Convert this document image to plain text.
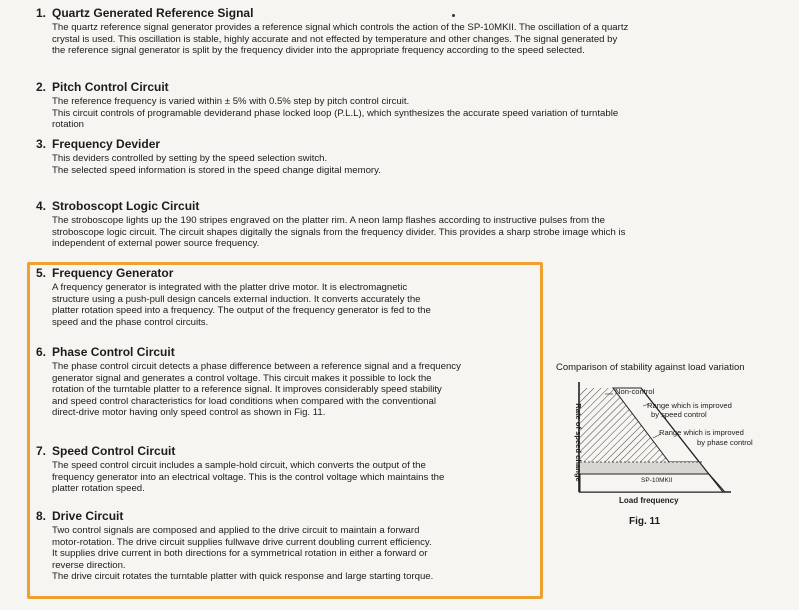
1. Quartz Generated Reference Signal

The quartz reference signal generator provides a reference signal which controls the action of the SP-10MKII. The oscillation of a quartz

crystal is used. This oscillation is stable, highly accurate and not effected by temperature and other changes. The signal generated by

the reference signal generator is split by the frequency divider into the appropriate frequency according to the speed selected.

2. Pitch Control Circuit

The reference frequency is varied within ± 5% with 0.5% step by pitch control circuit.

This circuit controls of programable deviderand phase locked loop (P.L.L), which synthesizes the accurate speed variation of turntable

rotation

3. Frequency Devider

This deviders controlled by setting by the speed selection switch.

The selected speed information is stored in the speed change digital memory.

4. Stroboscopt Logic Circuit

The stroboscope lights up the 190 stripes engraved on the platter rim. A neon lamp flashes according to instructive pulses from the

stroboscope logic circuit. The circuit shapes digitally the signals from the frequency divider. This provides a sharp strobe image which is

independent of external power source frequency.

5. Frequency Generator

A frequency generator is integrated with the platter drive motor. It is electromagnetic

structure using a push-pull design cancels external induction. It converts accurately the

platter rotation speed into a frequency. The output of the frequency generator is fed to the

speed and the phase control circuits.

6. Phase Control Circuit

The phase control circuit detects a phase difference between a reference signal and a frequency

generator signal and generates a control voltage. This circuit makes it possible to lock the

rotation of the turntable platter to a reference signal. It improves considerably speed stability

and speed control characteristics for load conditions when compared with the conventional

direct-drive motor having only speed control as shown in Fig. 11.

7. Speed Control Circuit

The speed control circuit includes a sample-hold circuit, which converts the output of the

frequency generator into an electrical voltage. This is the control voltage which maintains the

platter rotation speed.

8. Drive Circuit

Two control signals are composed and applied to the drive circuit to maintain a forward

motor-rotation. The drive circuit supplies fullwave drive current doubling current efficiency.

It supplies drive current in both directions for a symmetrical rotation in either a forward or

reverse direction.

The drive circuit rotates the turntable platter with quick response and large starting torque.

Comparison of stability against load variation
Non-control
Range which is improved
by speed control
Range which is improved
by phase control
SP-10MKII
Rate of speed change
Load frequency
Fig. 11
